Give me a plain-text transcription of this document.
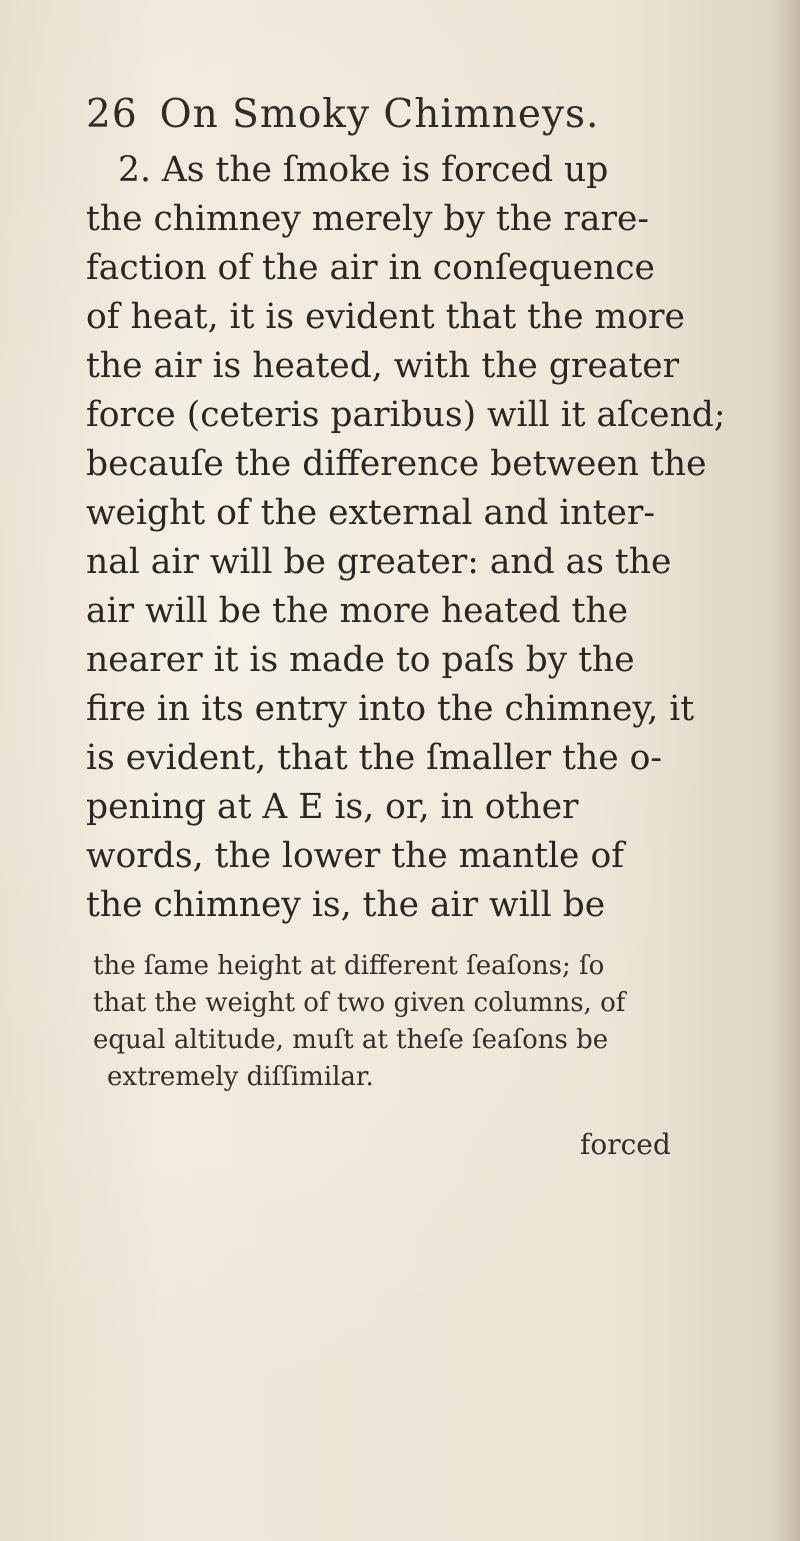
26 On Smoky Chimneys.
2. As the ſmoke is forced up
the chimney merely by the rare-
faction of the air in conſequence
of heat, it is evident that the more
the air is heated, with the greater
force (ceteris paribus) will it aſcend;
becauſe the difference between the
weight of the external and inter-
nal air will be greater: and as the
air will be the more heated the
nearer it is made to paſs by the
fire in its entry into the chimney, it
is evident, that the ſmaller the o-
pening at A E is, or, in other
words, the lower the mantle of
the chimney is, the air will be
the ſame height at different ſeaſons; ſo
that the weight of two given columns, of
equal altitude, muſt at theſe ſeaſons be
extremely diſſimilar.
forced
